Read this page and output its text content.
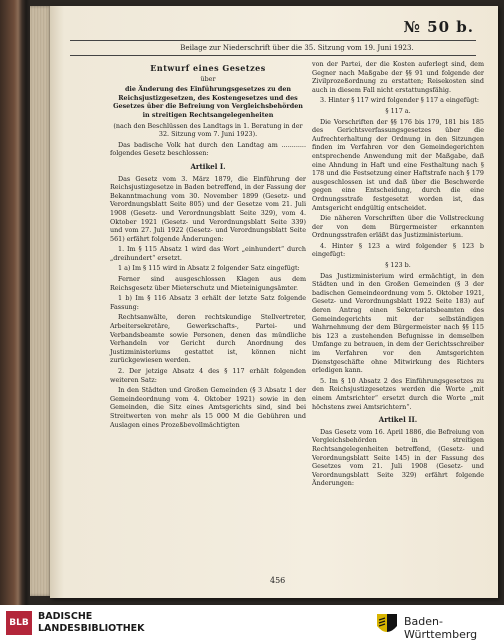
№ 50 b.
Beilage zur Niederschrift über die 35. Sitzung vom 19. Juni 1923.
Entwurf eines Gesetzes

über

die Änderung des Einführungsgesetzes zu den Reichsjustizgesetzen, des Kostengesetzes und des Gesetzes über die Befreiung von Vergleichsbehörden in streitigen Rechtsangelegenheiten

(nach den Beschlüssen des Landtags in 1. Beratung in der 32. Sitzung vom 7. Juni 1923).

Das badische Volk hat durch den Landtag am ............ folgendes Gesetz beschlossen:

Artikel I.

Das Gesetz vom 3. März 1879, die Einführung der Reichsjustizgesetze in Baden betreffend, in der Fassung der Bekanntmachung vom 30. November 1899 (Gesetz- und Verordnungsblatt Seite 805) und der Gesetze vom 21. Juli 1908 (Gesetz- und Verordnungsblatt Seite 329), vom 4. Oktober 1921 (Gesetz- und Verordnungsblatt Seite 339) und vom 27. Juli 1922 (Gesetz- und Verordnungsblatt Seite 561) erfährt folgende Änderungen:

1. Im § 115 Absatz 1 wird das Wort „einhundert“ durch „dreihundert“ ersetzt.

1 a) Im § 115 wird in Absatz 2 folgender Satz eingefügt:

Ferner sind ausgeschlossen Klagen aus dem Reichsgesetz über Mieterschutz und Mieteinigungsämter.

1 b) Im § 116 Absatz 3 erhält der letzte Satz folgende Fassung:

Rechtsanwälte, deren rechtskundige Stellvertreter, Arbeitersekretäre, Gewerkschafts-, Partei- und Verbandsbeamte sowie Personen, denen das mündliche Verhandeln vor Gericht durch Anordnung des Justizministeriums gestattet ist, können nicht zurückgewiesen werden.

2. Der jetzige Absatz 4 des § 117 erhält folgenden weiteren Satz:

In den Städten und Großen Gemeinden (§ 3 Absatz 1 der Gemeindeordnung vom 4. Oktober 1921) sowie in den Gemeinden, die Sitz eines Amtsgerichts sind, sind bei Streitwerten von mehr als 15 000 M die Gebühren und Auslagen eines Prozeßbevollmächtigten

von der Partei, der die Kosten auferlegt sind, dem Gegner nach Maßgabe der §§ 91 und folgende der Zivilprozeßordnung zu erstatten; Reisekosten sind auch in diesem Fall nicht erstattungsfähig.

3. Hinter § 117 wird folgender § 117 a eingefügt:

§ 117 a.

Die Vorschriften der §§ 176 bis 179, 181 bis 185 des Gerichtsverfassungsgesetzes über die Aufrechterhaltung der Ordnung in den Sitzungen finden im Verfahren vor den Gemeindegerichten entsprechende Anwendung mit der Maßgabe, daß eine Ahndung in Haft und eine Festhaltung nach § 178 und die Festsetzung einer Haftstrafe nach § 179 ausgeschlossen ist und daß über die Beschwerde gegen eine Entscheidung, durch die eine Ordnungsstrafe festgesetzt worden ist, das Amtsgericht endgültig entscheidet.

Die näheren Vorschriften über die Vollstreckung der von dem Bürgermeister erkannten Ordnungsstrafen erläßt das Justizministerium.

4. Hinter § 123 a wird folgender § 123 b eingefügt:

§ 123 b.

Das Justizministerium wird ermächtigt, in den Städten und in den Großen Gemeinden (§ 3 der badischen Gemeindeordnung vom 5. Oktober 1921, Gesetz- und Verordnungsblatt 1922 Seite 183) auf deren Antrag einen Sekretariatsbeamten des Gemeindegerichts mit der selbständigen Wahrnehmung der dem Bürgermeister nach §§ 115 bis 123 a zustehenden Befugnisse in demselben Umfange zu betrauen, in dem der Gerichtsschreiber im Verfahren vor den Amtsgerichten Dienstgeschäfte ohne Mitwirkung des Richters erledigen kann.

5. Im § 10 Absatz 2 des Einführungsgesetzes zu den Reichsjustizgesetzes werden die Worte „mit einem Amtsrichter“ ersetzt durch die Worte „mit höchstens zwei Amtsrichtern“.

Artikel II.

Das Gesetz vom 16. April 1886, die Befreiung von Vergleichsbehörden in streitigen Rechtsangelegenheiten betreffend, (Gesetz- und Verordnungsblatt Seite 145) in der Fassung des Gesetzes vom 21. Juli 1908 (Gesetz- und Verordnungsblatt Seite 329) erfährt folgende Änderungen:

456
BLB
BADISCHE
LANDESBIBLIOTHEK
Baden-Württemberg
